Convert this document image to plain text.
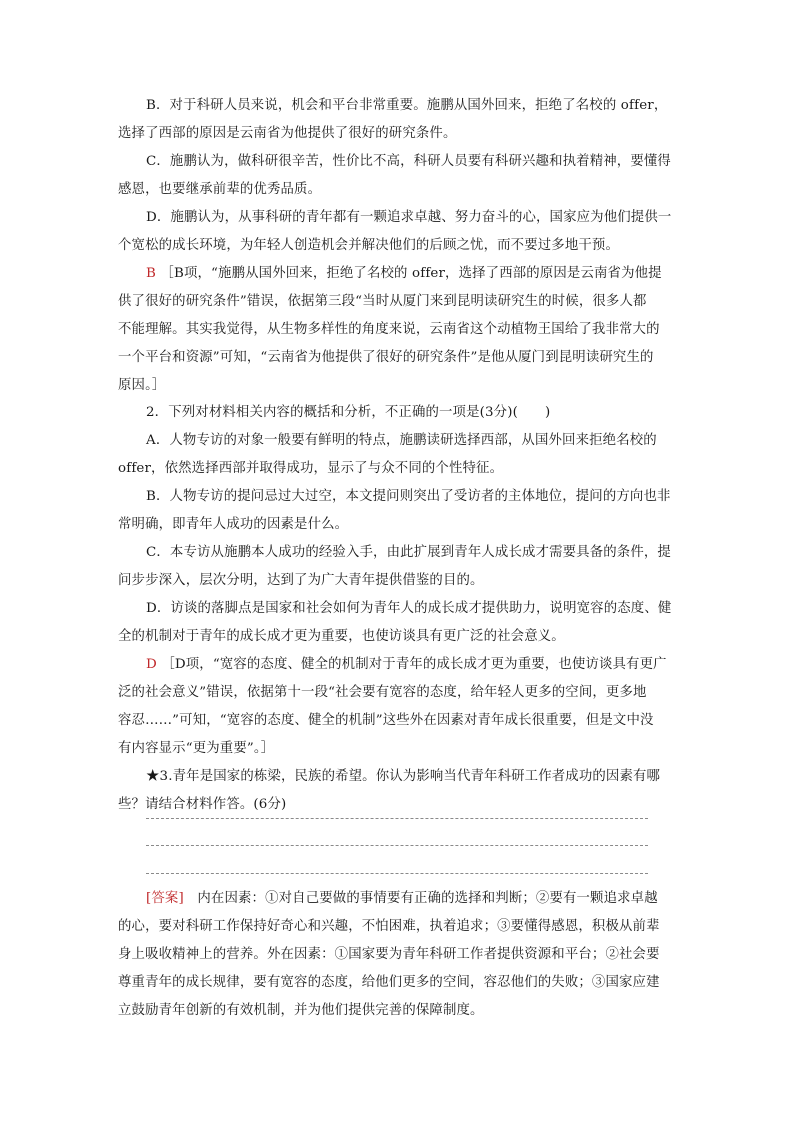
B．对于科研人员来说，机会和平台非常重要。施鹏从国外回来，拒绝了名校的 offer，
选择了西部的原因是云南省为他提供了很好的研究条件。
C．施鹏认为，做科研很辛苦，性价比不高，科研人员要有科研兴趣和执着精神，要懂得
感恩，也要继承前辈的优秀品质。
D．施鹏认为，从事科研的青年都有一颗追求卓越、努力奋斗的心，国家应为他们提供一
个宽松的成长环境，为年轻人创造机会并解决他们的后顾之忧，而不要过多地干预。
B ［B项，“施鹏从国外回来，拒绝了名校的 offer，选择了西部的原因是云南省为他提
供了很好的研究条件”错误，依据第三段“当时从厦门来到昆明读研究生的时候，很多人都
不能理解。其实我觉得，从生物多样性的角度来说，云南省这个动植物王国给了我非常大的
一个平台和资源”可知，“云南省为他提供了很好的研究条件”是他从厦门到昆明读研究生的
原因。］
2．下列对材料相关内容的概括和分析，不正确的一项是(3分)(　　)
A．人物专访的对象一般要有鲜明的特点，施鹏读研选择西部，从国外回来拒绝名校的
offer，依然选择西部并取得成功，显示了与众不同的个性特征。
B．人物专访的提问忌过大过空，本文提问则突出了受访者的主体地位，提问的方向也非
常明确，即青年人成功的因素是什么。
C．本专访从施鹏本人成功的经验入手，由此扩展到青年人成长成才需要具备的条件，提
问步步深入，层次分明，达到了为广大青年提供借鉴的目的。
D．访谈的落脚点是国家和社会如何为青年人的成长成才提供助力，说明宽容的态度、健
全的机制对于青年的成长成才更为重要，也使访谈具有更广泛的社会意义。
D ［D项，“宽容的态度、健全的机制对于青年的成长成才更为重要，也使访谈具有更广
泛的社会意义”错误，依据第十一段“社会要有宽容的态度，给年轻人更多的空间，更多地
容忍……”可知，“宽容的态度、健全的机制”这些外在因素对青年成长很重要，但是文中没
有内容显示“更为重要”。］
★3.青年是国家的栋梁，民族的希望。你认为影响当代青年科研工作者成功的因素有哪
些？请结合材料作答。(6分)
[答案]　内在因素：①对自己要做的事情要有正确的选择和判断；②要有一颗追求卓越
的心，要对科研工作保持好奇心和兴趣，不怕困难，执着追求；③要懂得感恩，积极从前辈
身上吸收精神上的营养。外在因素：①国家要为青年科研工作者提供资源和平台；②社会要
尊重青年的成长规律，要有宽容的态度，给他们更多的空间，容忍他们的失败；③国家应建
立鼓励青年创新的有效机制，并为他们提供完善的保障制度。
